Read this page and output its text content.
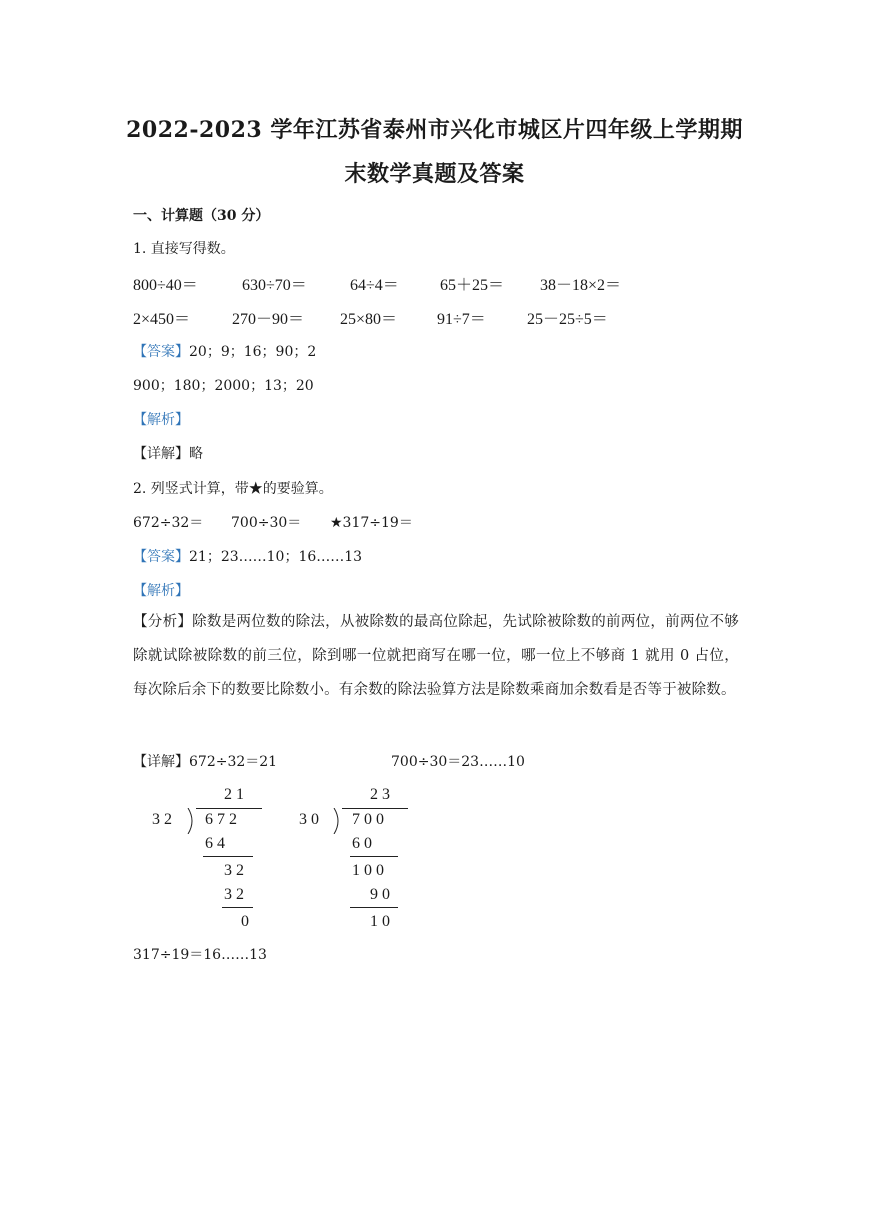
2022-2023 学年江苏省泰州市兴化市城区片四年级上学期期
末数学真题及答案
一、计算题（30 分）
1. 直接写得数。
800÷40＝	630÷70＝	64÷4＝	65＋25＝ 38－18×2＝
2×450＝	270－90＝ 25×80＝ 91÷7＝	25－25÷5＝
【答案】20；9；16；90；2
900；180；2000；13；20
【解析】
【详解】略
2. 列竖式计算，带★的要验算。
672÷32＝ 700÷30＝ ★317÷19＝
【答案】21；23……10；16……13
【解析】
【分析】除数是两位数的除法，从被除数的最高位除起，先试除被除数的前两位，前两位不够除就试除被除数的前三位，除到哪一位就把商写在哪一位，哪一位上不够商 1 就用 0 占位，每次除后余下的数要比除数小。有余数的除法验算方法是除数乘商加余数看是否等于被除数。
【详解】672÷32＝21	700÷30＝23……10
2 1
3 2 6 7 2
6 4
3 2
3 2
0
2 3
3 0 7 0 0
6 0
1 0 0
9 0
1 0
317÷19＝16……13
